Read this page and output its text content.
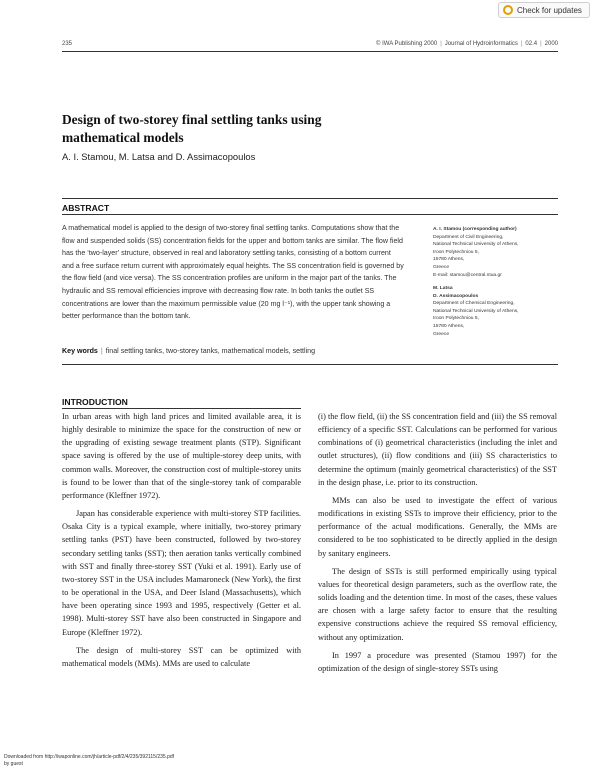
Check for updates
235	© IWA Publishing 2000 | Journal of Hydroinformatics | 02.4 | 2000
Design of two-storey final settling tanks using mathematical models
A. I. Stamou, M. Latsa and D. Assimacopoulos
ABSTRACT

A mathematical model is applied to the design of two-storey final settling tanks. Computations show that the flow and suspended solids (SS) concentration fields for the upper and bottom tanks are similar. The flow field has the ‘two-layer’ structure, observed in real and laboratory settling tanks, consisting of a bottom current and a free surface return current with approximately equal heights. The SS concentration field is governed by the flow field (and vice versa). The SS concentration profiles are uniform in the major part of the tanks. The hydraulic and SS removal efficiencies improve with decreasing flow rate. In both tanks the outlet SS concentrations are lower than the maximum permissible value (20 mg l⁻¹), with the upper tank showing a better performance than the bottom tank.

Key words | final settling tanks, two-storey tanks, mathematical models, settling
A. I. Stamou (corresponding author)
Department of Civil Engineering,
National Technical University of Athens,
Iroon Polytechniou 5,
15780 Athens,
Greece
E-mail: stamou@central.ntua.gr
M. Latsa
D. Assimacopoulos
Department of Chemical Engineering,
National Technical University of Athens,
Iroon Polytechniou 5,
15780 Athens,
Greece
INTRODUCTION

In urban areas with high land prices and limited available area, it is highly desirable to minimize the space for the construction of new or the upgrading of existing sewage treatment plants (STP). Significant space saving is offered by the use of multiple-storey deep units, with common walls. Moreover, the construction cost of multiple-storey units is found to be lower than that of the single-storey tank of comparable performance (Kleffner 1972).

Japan has considerable experience with multi-storey STP facilities. Osaka City is a typical example, where initially, two-storey primary settling tanks (PST) have been constructed, followed by two-storey secondary settling tanks (SST); then aeration tanks vertically combined with SST and finally three-storey SST (Yuki et al. 1991). Early use of two-storey SST in the USA includes Mamaroneck (New York), the first to be operational in the USA, and Deer Island (Massachusetts), which have been operating since 1993 and 1995, respectively (Getter et al. 1998). Multi-storey SST have also been constructed in Singapore and Europe (Kleffner 1972).

The design of multi-storey SST can be optimized with mathematical models (MMs). MMs are used to calculate

(i) the flow field, (ii) the SS concentration field and (iii) the SS removal efficiency of a specific SST. Calculations can be performed for various combinations of (i) geometrical characteristics (including the inlet and outlet structures), (ii) flow conditions and (iii) SS characteristics to determine the optimum (mainly geometrical characteristics) of the SST in the design phase, i.e. prior to its construction.

MMs can also be used to investigate the effect of various modifications in existing SSTs to improve their efficiency, prior to the performance of the actual modifications. Generally, the MMs are considered to be too sophisticated to be directly applied in the design by sanitary engineers.

The design of SSTs is still performed empirically using typical values for theoretical design parameters, such as the overflow rate, the solids loading and the detention time. In most of the cases, these values are chosen with a large safety factor to ensure that the resulting expensive constructions achieve the required SS removal efficiency, without any optimization.

In 1997 a procedure was presented (Stamou 1997) for the optimization of the design of single-storey SSTs using

Downloaded from http://iwaponline.com/jh/article-pdf/2/4/235/392115/235.pdf
by guest
